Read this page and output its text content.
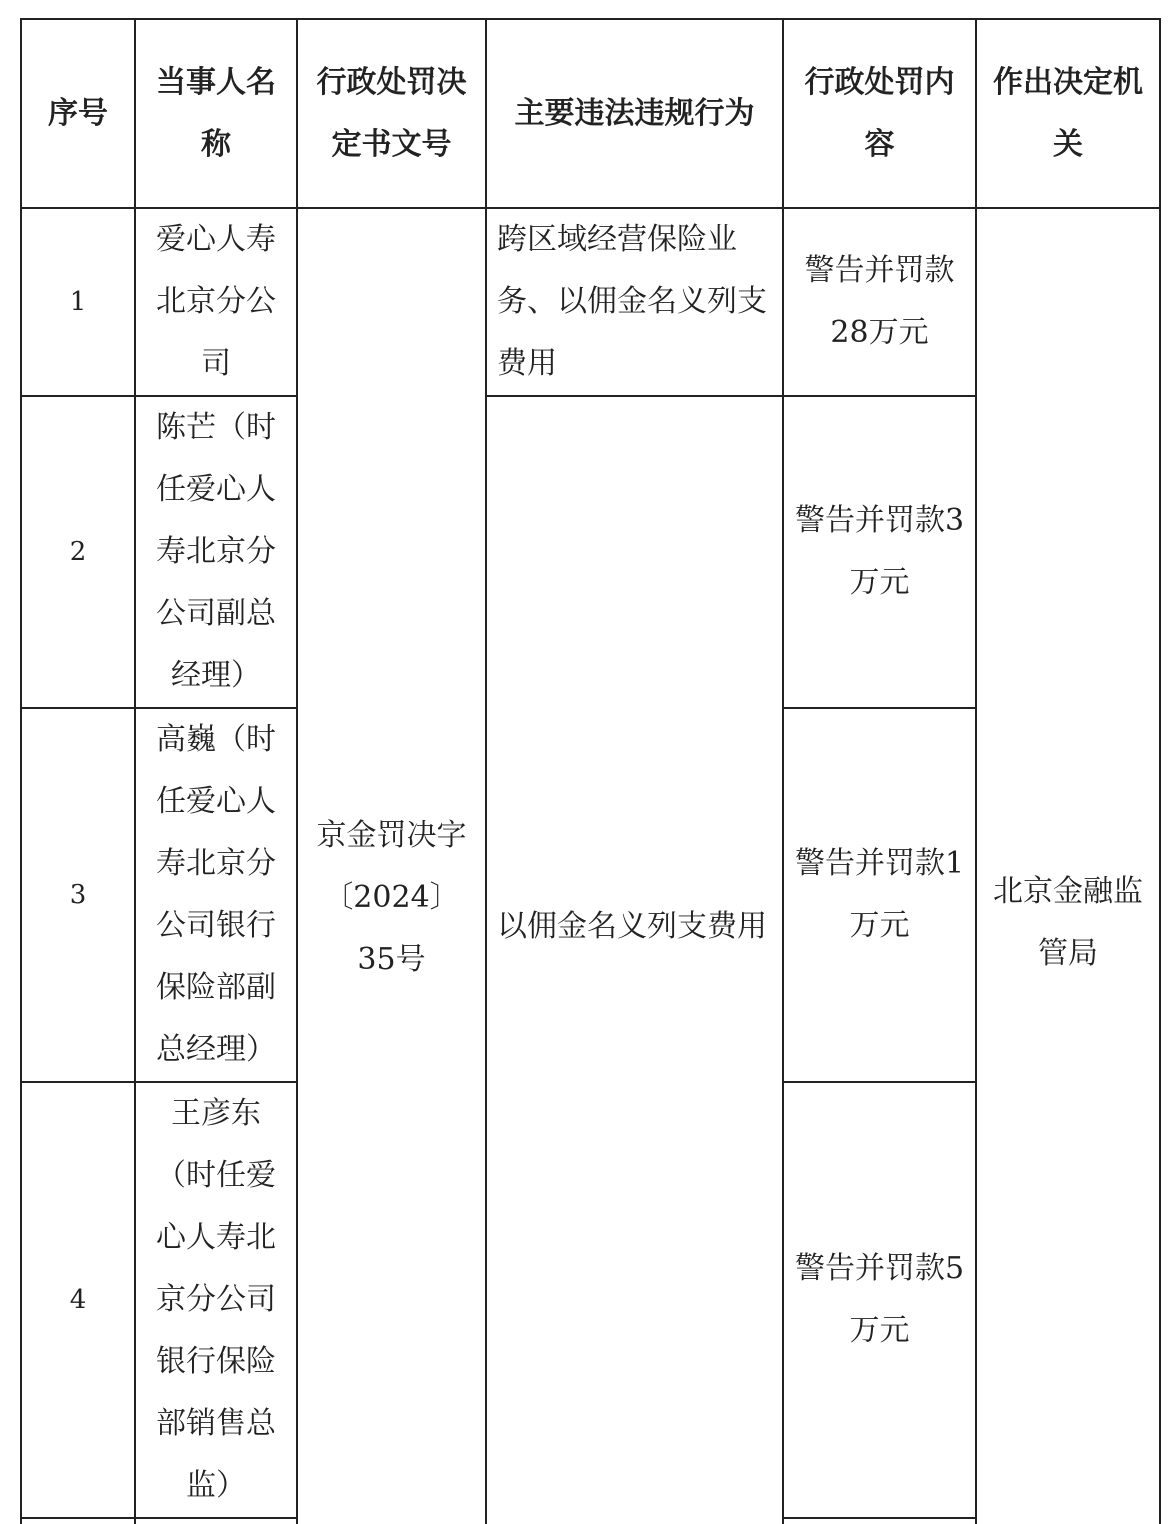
序号	当事人名称	行政处罚决定书文号	主要违法违规行为	行政处罚内容	作出决定机关
1	爱心人寿北京分公司	京金罚决字〔2024〕35号	跨区域经营保险业务、以佣金名义列支费用	警告并罚款28万元	北京金融监管局
2	陈芒（时任爱心人寿北京分公司副总经理）		以佣金名义列支费用	警告并罚款3万元	
3	高巍（时任爱心人寿北京分公司银行保险部副总经理）			警告并罚款1万元	
4	王彦东（时任爱心人寿北京分公司银行保险部销售总监）			警告并罚款5万元	
